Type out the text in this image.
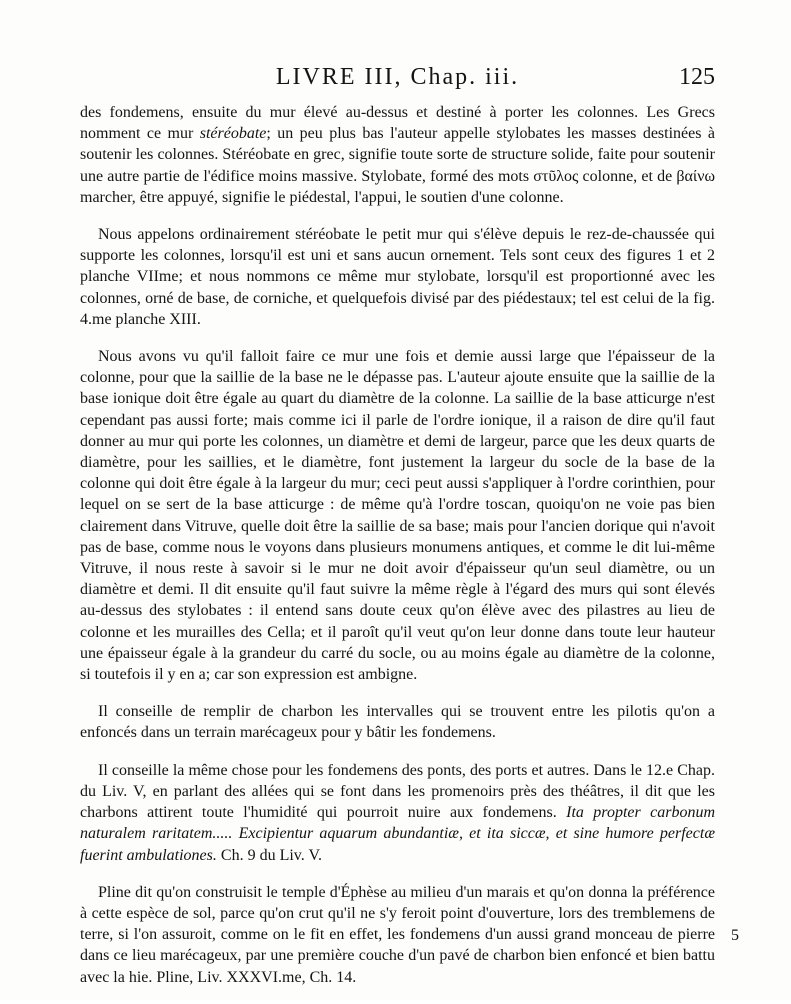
LIVRE III, Chap. iii.	125

des fondemens, ensuite du mur élevé au-dessus et destiné à porter les colonnes. Les Grecs nomment ce mur stéréobate; un peu plus bas l'auteur appelle stylobates les masses destinées à soutenir les colonnes. Stéréobate en grec, signifie toute sorte de structure solide, faite pour soutenir une autre partie de l'édifice moins massive. Stylobate, formé des mots στῦλος colonne, et de βαίνω marcher, être appuyé, signifie le piédestal, l'appui, le soutien d'une colonne.

Nous appelons ordinairement stéréobate le petit mur qui s'élève depuis le rez-de-chaussée qui supporte les colonnes, lorsqu'il est uni et sans aucun ornement. Tels sont ceux des figures 1 et 2 planche VIIme; et nous nommons ce même mur stylobate, lorsqu'il est proportionné avec les colonnes, orné de base, de corniche, et quelquefois divisé par des piédestaux; tel est celui de la fig. 4.me planche XIII.

Nous avons vu qu'il falloit faire ce mur une fois et demie aussi large que l'épaisseur de la colonne, pour que la saillie de la base ne le dépasse pas. L'auteur ajoute ensuite que la saillie de la base ionique doit être égale au quart du diamètre de la colonne. La saillie de la base atticurge n'est cependant pas aussi forte; mais comme ici il parle de l'ordre ionique, il a raison de dire qu'il faut donner au mur qui porte les colonnes, un diamètre et demi de largeur, parce que les deux quarts de diamètre, pour les saillies, et le diamètre, font justement la largeur du socle de la base de la colonne qui doit être égale à la largeur du mur; ceci peut aussi s'appliquer à l'ordre corinthien, pour lequel on se sert de la base atticurge : de même qu'à l'ordre toscan, quoiqu'on ne voie pas bien clairement dans Vitruve, quelle doit être la saillie de sa base; mais pour l'ancien dorique qui n'avoit pas de base, comme nous le voyons dans plusieurs monumens antiques, et comme le dit lui-même Vitruve, il nous reste à savoir si le mur ne doit avoir d'épaisseur qu'un seul diamètre, ou un diamètre et demi. Il dit ensuite qu'il faut suivre la même règle à l'égard des murs qui sont élevés au-dessus des stylobates : il entend sans doute ceux qu'on élève avec des pilastres au lieu de colonne et les murailles des Cella; et il paroît qu'il veut qu'on leur donne dans toute leur hauteur une épaisseur égale à la grandeur du carré du socle, ou au moins égale au diamètre de la colonne, si toutefois il y en a; car son expression est ambigne.

Il conseille de remplir de charbon les intervalles qui se trouvent entre les pilotis qu'on a enfoncés dans un terrain marécageux pour y bâtir les fondemens.

Il conseille la même chose pour les fondemens des ponts, des ports et autres. Dans le 12.e Chap. du Liv. V, en parlant des allées qui se font dans les promenoirs près des théâtres, il dit que les charbons attirent toute l'humidité qui pourroit nuire aux fondemens. Ita propter carbonum naturalem raritatem..... Excipientur aquarum abundantiæ, et ita siccæ, et sine humore perfectæ fuerint ambulationes. Ch. 9 du Liv. V.

Pline dit qu'on construisit le temple d'Éphèse au milieu d'un marais et qu'on donna la préférence à cette espèce de sol, parce qu'on crut qu'il ne s'y feroit point d'ouverture, lors des tremblemens de terre, si l'on assuroit, comme on le fit en effet, les fondemens d'un aussi grand monceau de pierre dans ce lieu marécageux, par une première couche d'un pavé de charbon bien enfoncé et bien battu avec la hie. Pline, Liv. XXXVI.me, Ch. 14.

5
